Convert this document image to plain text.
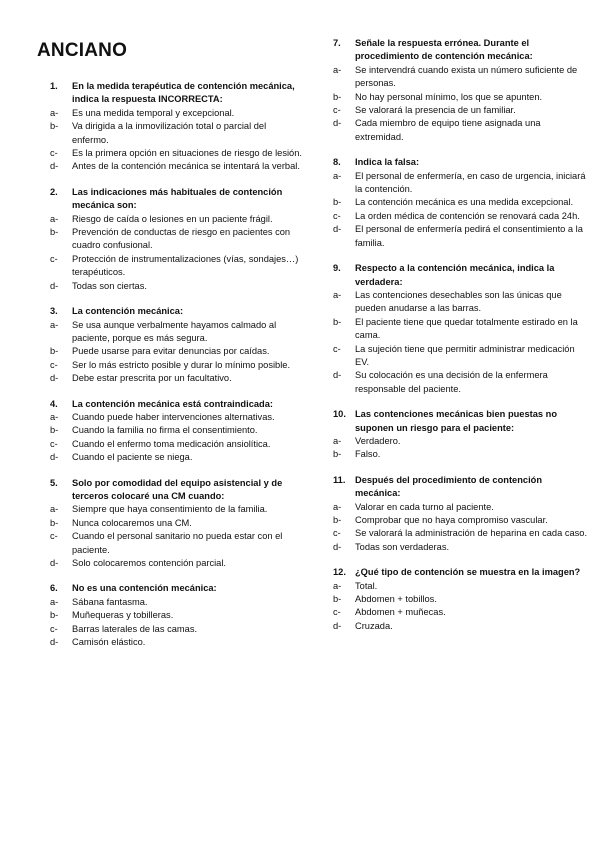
ANCIANO
1.	En la medida terapéutica de contención mecánica, indica la respuesta INCORRECTA:
a-	Es una medida temporal y excepcional.
b-	Va dirigida a la inmovilización total o parcial del enfermo.
c-	Es la primera opción en situaciones de riesgo de lesión.
d-	Antes de la contención mecánica se intentará la verbal.
2.	Las indicaciones más habituales de contención mecánica son:
a-	Riesgo de caída o lesiones en un paciente frágil.
b-	Prevención de conductas de riesgo en pacientes con cuadro confusional.
c-	Protección de instrumentalizaciones (vías, sondajes…) terapéuticos.
d-	Todas son ciertas.
3.	La contención mecánica:
a-	Se usa aunque verbalmente hayamos calmado al paciente, porque es más segura.
b-	Puede usarse para evitar denuncias por caídas.
c-	Ser lo más estricto posible y durar lo mínimo posible.
d-	Debe estar prescrita por un facultativo.
4.	La contención mecánica está contraindicada:
a-	Cuando puede haber intervenciones alternativas.
b-	Cuando la familia no firma el consentimiento.
c-	Cuando el enfermo toma medicación ansiolítica.
d-	Cuando el paciente se niega.
5.	Solo por comodidad del equipo asistencial y de terceros colocaré una CM cuando:
a-	Siempre que haya consentimiento de la familia.
b-	Nunca colocaremos una CM.
c-	Cuando el personal sanitario no pueda estar con el paciente.
d-	Solo colocaremos contención parcial.
6.	No es una contención mecánica:
a-	Sábana fantasma.
b-	Muñequeras y tobilleras.
c-	Barras laterales de las camas.
d-	Camisón elástico.
7.	Señale la respuesta errónea. Durante el procedimiento de contención mecánica:
a-	Se intervendrá cuando exista un número suficiente de personas.
b-	No hay personal mínimo, los que se apunten.
c-	Se valorará la presencia de un familiar.
d-	Cada miembro de equipo tiene asignada una extremidad.
8.	Indica la falsa:
a-	El personal de enfermería, en caso de urgencia, iniciará la contención.
b-	La contención mecánica es una medida excepcional.
c-	La orden médica de contención se renovará cada 24h.
d-	El personal de enfermería pedirá el consentimiento a la familia.
9.	Respecto a la contención mecánica, indica la verdadera:
a-	Las contenciones desechables son las únicas que pueden anudarse a las barras.
b-	El paciente tiene que quedar totalmente estirado en la cama.
c-	La sujeción tiene que permitir administrar medicación EV.
d-	Su colocación es una decisión de la enfermera responsable del paciente.
10. Las contenciones mecánicas bien puestas no suponen un riesgo para el paciente:
a-	Verdadero.
b-	Falso.
11.	Después del procedimiento de contención mecánica:
a-	Valorar en cada turno al paciente.
b-	Comprobar que no haya compromiso vascular.
c-	Se valorará la administración de heparina en cada caso.
d-	Todas son verdaderas.
12. ¿Qué tipo de contención se muestra en la imagen?
a-	Total.
b-	Abdomen + tobillos.
c-	Abdomen + muñecas.
d-	Cruzada.
